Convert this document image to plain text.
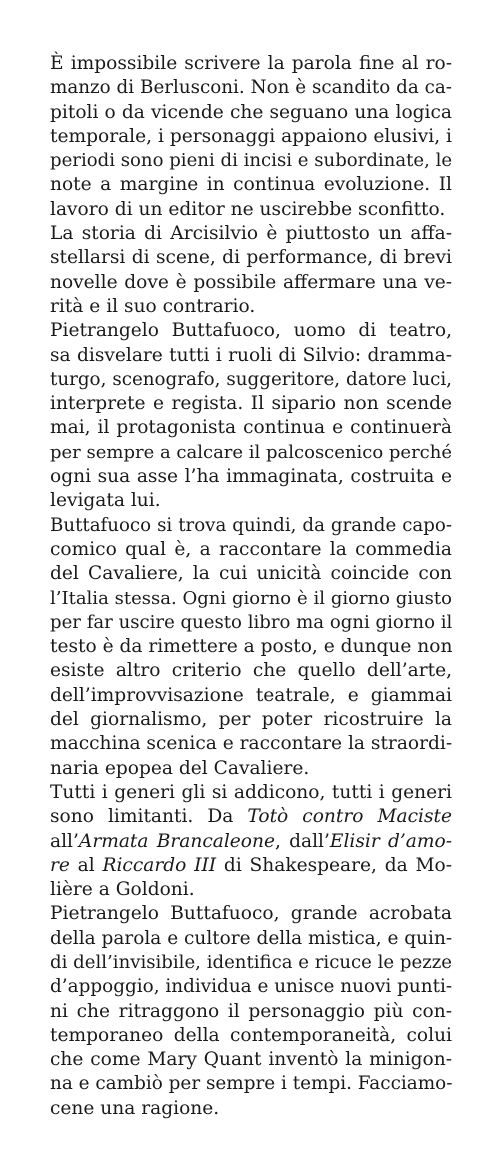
È impossibile scrivere la parola fine al ro-
manzo di Berlusconi. Non è scandito da ca-
pitoli o da vicende che seguano una logica
temporale, i personaggi appaiono elusivi, i
periodi sono pieni di incisi e subordinate, le
note a margine in continua evoluzione. Il
lavoro di un editor ne uscirebbe sconfitto.
La storia di Arcisilvio è piuttosto un affa-
stellarsi di scene, di performance, di brevi
novelle dove è possibile affermare una ve-
rità e il suo contrario.
Pietrangelo Buttafuoco, uomo di teatro,
sa disvelare tutti i ruoli di Silvio: dramma-
turgo, scenografo, suggeritore, datore luci,
interprete e regista. Il sipario non scende
mai, il protagonista continua e continuerà
per sempre a calcare il palcoscenico perché
ogni sua asse l’ha immaginata, costruita e
levigata lui.
Buttafuoco si trova quindi, da grande capo-
comico qual è, a raccontare la commedia
del Cavaliere, la cui unicità coincide con
l’Italia stessa. Ogni giorno è il giorno giusto
per far uscire questo libro ma ogni giorno il
testo è da rimettere a posto, e dunque non
esiste altro criterio che quello dell’arte,
dell’improvvisazione teatrale, e giammai
del giornalismo, per poter ricostruire la
macchina scenica e raccontare la straordi-
naria epopea del Cavaliere.
Tutti i generi gli si addicono, tutti i generi
sono limitanti. Da Totò contro Maciste
all’Armata Brancaleone, dall’Elisir d’amo-
re al Riccardo III di Shakespeare, da Mo-
lière a Goldoni.
Pietrangelo Buttafuoco, grande acrobata
della parola e cultore della mistica, e quin-
di dell’invisibile, identifica e ricuce le pezze
d’appoggio, individua e unisce nuovi punti-
ni che ritraggono il personaggio più con-
temporaneo della contemporaneità, colui
che come Mary Quant inventò la minigon-
na e cambiò per sempre i tempi. Facciamo-
cene una ragione.
